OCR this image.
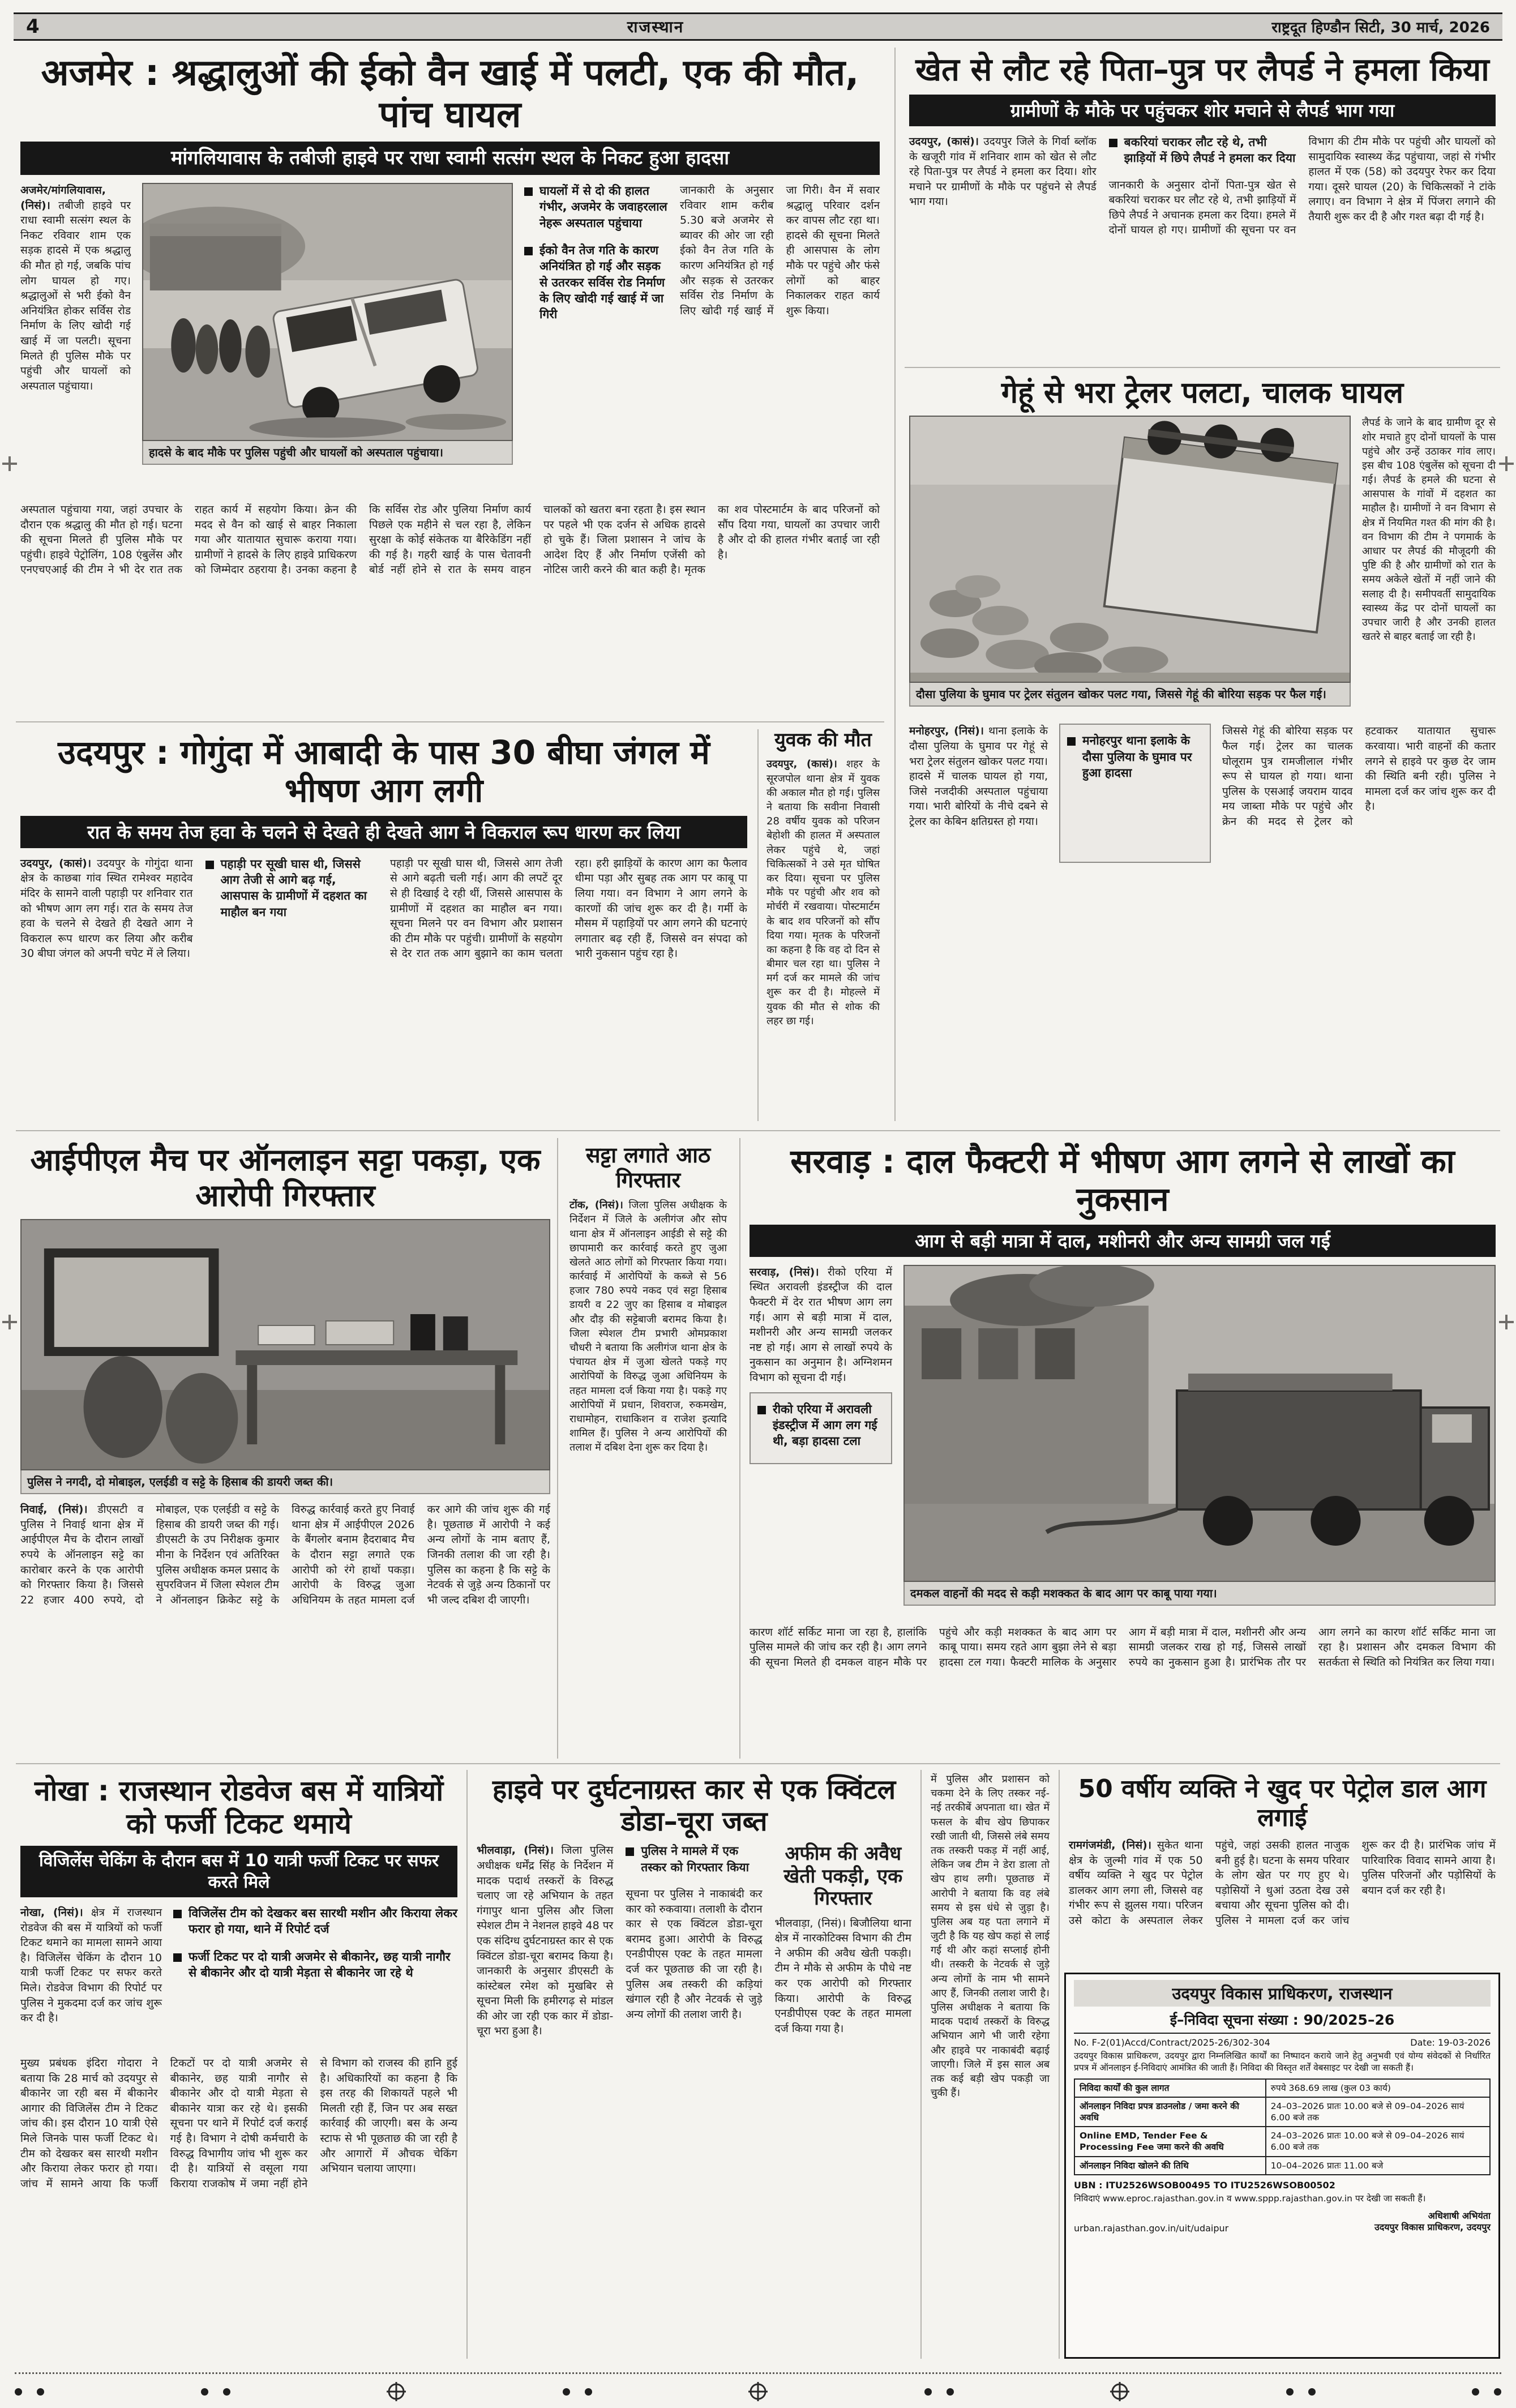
4	राजस्थान	राष्ट्रदूत हिण्डौन सिटी, 30 मार्च, 2026
अजमेर : श्रद्धालुओं की ईको वैन खाई में पलटी, एक की मौत, पांच घायल
मांगलियावास के तबीजी हाइवे पर राधा स्वामी सत्संग स्थल के निकट हुआ हादसा

अजमेर/मांगलियावास, (निसं)। तबीजी हाइवे पर राधा स्वामी सत्संग स्थल के निकट रविवार शाम एक सड़क हादसे में एक श्रद्धालु की मौत हो गई, जबकि पांच लोग घायल हो गए। श्रद्धालुओं से भरी ईको वैन अनियंत्रित होकर सर्विस रोड निर्माण के लिए खोदी गई खाई में जा पलटी। सूचना मिलते ही पुलिस मौके पर पहुंची और घायलों को अस्पताल पहुंचाया।

हादसे के बाद मौके पर पुलिस पहुंची और घायलों को अस्पताल पहुंचाया।
घायलों में से दो की हालत गंभीर, अजमेर के जवाहरलाल नेहरू अस्पताल पहुंचाया
ईको वैन तेज गति के कारण अनियंत्रित हो गई और सड़क से उतरकर सर्विस रोड निर्माण के लिए खोदी गई खाई में जा गिरी
जानकारी के अनुसार रविवार शाम करीब 5.30 बजे अजमेर से ब्यावर की ओर जा रही ईको वैन तेज गति के कारण अनियंत्रित हो गई और सड़क से उतरकर सर्विस रोड निर्माण के लिए खोदी गई खाई में जा गिरी। वैन में सवार श्रद्धालु परिवार दर्शन कर वापस लौट रहा था। हादसे की सूचना मिलते ही आसपास के लोग मौके पर पहुंचे और फंसे लोगों को बाहर निकालकर राहत कार्य शुरू किया।
अस्पताल पहुंचाया गया, जहां उपचार के दौरान एक श्रद्धालु की मौत हो गई। घटना की सूचना मिलते ही पुलिस मौके पर पहुंची। हाइवे पेट्रोलिंग, 108 एंबुलेंस और एनएचएआई की टीम ने भी देर रात तक राहत कार्य में सहयोग किया। क्रेन की मदद से वैन को खाई से बाहर निकाला गया और यातायात सुचारू कराया गया। ग्रामीणों ने हादसे के लिए हाइवे प्राधिकरण को जिम्मेदार ठहराया है। उनका कहना है कि सर्विस रोड और पुलिया निर्माण कार्य पिछले एक महीने से चल रहा है, लेकिन सुरक्षा के कोई संकेतक या बैरिकेडिंग नहीं की गई है। गहरी खाई के पास चेतावनी बोर्ड नहीं होने से रात के समय वाहन चालकों को खतरा बना रहता है। इस स्थान पर पहले भी एक दर्जन से अधिक हादसे हो चुके हैं। जिला प्रशासन ने जांच के आदेश दिए हैं और निर्माण एजेंसी को नोटिस जारी करने की बात कही है। मृतक का शव पोस्टमार्टम के बाद परिजनों को सौंप दिया गया, घायलों का उपचार जारी है और दो की हालत गंभीर बताई जा रही है।
खेत से लौट रहे पिता–पुत्र पर लैपर्ड ने हमला किया
ग्रामीणों के मौके पर पहुंचकर शोर मचाने से लैपर्ड भाग गया

उदयपुर, (कासं)। उदयपुर जिले के गिर्वा ब्लॉक के खजूरी गांव में शनिवार शाम को खेत से लौट रहे पिता-पुत्र पर लैपर्ड ने हमला कर दिया। शोर मचाने पर ग्रामीणों के मौके पर पहुंचने से लैपर्ड भाग गया।

बकरियां चराकर लौट रहे थे, तभी झाड़ियों में छिपे लैपर्ड ने हमला कर दिया

जानकारी के अनुसार दोनों पिता-पुत्र खेत से बकरियां चराकर घर लौट रहे थे, तभी झाड़ियों में छिपे लैपर्ड ने अचानक हमला कर दिया। हमले में दोनों घायल हो गए। ग्रामीणों की सूचना पर वन विभाग की टीम मौके पर पहुंची और घायलों को सामुदायिक स्वास्थ्य केंद्र पहुंचाया, जहां से गंभीर हालत में एक (58) को उदयपुर रेफर कर दिया गया। दूसरे घायल (20) के चिकित्सकों ने टांके लगाए। वन विभाग ने क्षेत्र में पिंजरा लगाने की तैयारी शुरू कर दी है और गश्त बढ़ा दी गई है।

गेहूं से भरा ट्रेलर पलटा, चालक घायल
दौसा पुलिया के घुमाव पर ट्रेलर संतुलन खोकर पलट गया, जिससे गेहूं की बोरिया सड़क पर फैल गई।
लैपर्ड के जाने के बाद ग्रामीण दूर से शोर मचाते हुए दोनों घायलों के पास पहुंचे और उन्हें उठाकर गांव लाए। इस बीच 108 एंबुलेंस को सूचना दी गई। लैपर्ड के हमले की घटना से आसपास के गांवों में दहशत का माहौल है। ग्रामीणों ने वन विभाग से क्षेत्र में नियमित गश्त की मांग की है। वन विभाग की टीम ने पगमार्क के आधार पर लैपर्ड की मौजूदगी की पुष्टि की है और ग्रामीणों को रात के समय अकेले खेतों में नहीं जाने की सलाह दी है। समीपवर्ती सामुदायिक स्वास्थ्य केंद्र पर दोनों घायलों का उपचार जारी है और उनकी हालत खतरे से बाहर बताई जा रही है।

मनोहरपुर, (निसं)। थाना इलाके के दौसा पुलिया के घुमाव पर गेहूं से भरा ट्रेलर संतुलन खोकर पलट गया। हादसे में चालक घायल हो गया, जिसे नजदीकी अस्पताल पहुंचाया गया। भारी बोरियों के नीचे दबने से ट्रेलर का केबिन क्षतिग्रस्त हो गया।

मनोहरपुर थाना इलाके के दौसा पुलिया के घुमाव पर हुआ हादसा
जिससे गेहूं की बोरिया सड़क पर फैल गई। ट्रेलर का चालक घोलूराम पुत्र रामजीलाल गंभीर रूप से घायल हो गया। थाना पुलिस के एसआई जयराम यादव मय जाब्ता मौके पर पहुंचे और क्रेन की मदद से ट्रेलर को हटवाकर यातायात सुचारू करवाया। भारी वाहनों की कतार लगने से हाइवे पर कुछ देर जाम की स्थिति बनी रही। पुलिस ने मामला दर्ज कर जांच शुरू कर दी है।
उदयपुर : गोगुंदा में आबादी के पास 30 बीघा जंगल में भीषण आग लगी
रात के समय तेज हवा के चलने से देखते ही देखते आग ने विकराल रूप धारण कर लिया

उदयपुर, (कासं)। उदयपुर के गोगुंदा थाना क्षेत्र के काछबा गांव स्थित रामेश्वर महादेव मंदिर के सामने वाली पहाड़ी पर शनिवार रात को भीषण आग लग गई। रात के समय तेज हवा के चलने से देखते ही देखते आग ने विकराल रूप धारण कर लिया और करीब 30 बीघा जंगल को अपनी चपेट में ले लिया।

पहाड़ी पर सूखी घास थी, जिससे आग तेजी से आगे बढ़ गई, आसपास के ग्रामीणों में दहशत का माहौल बन गया

पहाड़ी पर सूखी घास थी, जिससे आग तेजी से आगे बढ़ती चली गई। आग की लपटें दूर से ही दिखाई दे रही थीं, जिससे आसपास के ग्रामीणों में दहशत का माहौल बन गया। सूचना मिलने पर वन विभाग और प्रशासन की टीम मौके पर पहुंची। ग्रामीणों के सहयोग से देर रात तक आग बुझाने का काम चलता रहा। हरी झाड़ियों के कारण आग का फैलाव धीमा पड़ा और सुबह तक आग पर काबू पा लिया गया। वन विभाग ने आग लगने के कारणों की जांच शुरू कर दी है। गर्मी के मौसम में पहाड़ियों पर आग लगने की घटनाएं लगातार बढ़ रही हैं, जिससे वन संपदा को भारी नुकसान पहुंच रहा है।

युवक की मौत

उदयपुर, (कासं)। शहर के सूरजपोल थाना क्षेत्र में युवक की अकाल मौत हो गई। पुलिस ने बताया कि सवीना निवासी 28 वर्षीय युवक को परिजन बेहोशी की हालत में अस्पताल लेकर पहुंचे थे, जहां चिकित्सकों ने उसे मृत घोषित कर दिया। सूचना पर पुलिस मौके पर पहुंची और शव को मोर्चरी में रखवाया। पोस्टमार्टम के बाद शव परिजनों को सौंप दिया गया। मृतक के परिजनों का कहना है कि वह दो दिन से बीमार चल रहा था। पुलिस ने मर्ग दर्ज कर मामले की जांच शुरू कर दी है। मोहल्ले में युवक की मौत से शोक की लहर छा गई।

आईपीएल मैच पर ऑनलाइन सट्टा पकड़ा, एक आरोपी गिरफ्तार
पुलिस ने नगदी, दो मोबाइल, एलईडी व सट्टे के हिसाब की डायरी जब्त की।

निवाई, (निसं)। डीएसटी व पुलिस ने निवाई थाना क्षेत्र में आईपीएल मैच के दौरान लाखों रुपये के ऑनलाइन सट्टे का कारोबार करने के एक आरोपी को गिरफ्तार किया है। जिससे 22 हजार 400 रुपये, दो मोबाइल, एक एलईडी व सट्टे के हिसाब की डायरी जब्त की गई। डीएसटी के उप निरीक्षक कुमार मीना के निर्देशन एवं अतिरिक्त पुलिस अधीक्षक कमल प्रसाद के सुपरविजन में जिला स्पेशल टीम ने ऑनलाइन क्रिकेट सट्टे के विरुद्ध कार्रवाई करते हुए निवाई थाना क्षेत्र में आईपीएल 2026 के बैंगलोर बनाम हैदराबाद मैच के दौरान सट्टा लगाते एक आरोपी को रंगे हाथों पकड़ा। आरोपी के विरुद्ध जुआ अधिनियम के तहत मामला दर्ज कर आगे की जांच शुरू की गई है। पूछताछ में आरोपी ने कई अन्य लोगों के नाम बताए हैं, जिनकी तलाश की जा रही है। पुलिस का कहना है कि सट्टे के नेटवर्क से जुड़े अन्य ठिकानों पर भी जल्द दबिश दी जाएगी।

सट्टा लगाते आठ गिरफ्तार

टोंक, (निसं)। जिला पुलिस अधीक्षक के निर्देशन में जिले के अलीगंज और सोप थाना क्षेत्र में ऑनलाइन आईडी से सट्टे की छापामारी कर कार्रवाई करते हुए जुआ खेलते आठ लोगों को गिरफ्तार किया गया। कार्रवाई में आरोपियों के कब्जे से 56 हजार 780 रुपये नकद एवं सट्टा हिसाब डायरी व 22 जुए का हिसाब व मोबाइल और दौड़ की सट्टेबाजी बरामद किया है। जिला स्पेशल टीम प्रभारी ओमप्रकाश चौधरी ने बताया कि अलीगंज थाना क्षेत्र के पंचायत क्षेत्र में जुआ खेलते पकड़े गए आरोपियों के विरुद्ध जुआ अधिनियम के तहत मामला दर्ज किया गया है। पकड़े गए आरोपियों में प्रधान, शिवराज, रुकमखेम, राधामोहन, राधाकिशन व राजेश इत्यादि शामिल हैं। पुलिस ने अन्य आरोपियों की तलाश में दबिश देना शुरू कर दिया है।

सरवाड़ : दाल फैक्टरी में भीषण आग लगने से लाखों का नुकसान
आग से बड़ी मात्रा में दाल, मशीनरी और अन्य सामग्री जल गई

सरवाड़, (निसं)। रीको एरिया में स्थित अरावली इंडस्ट्रीज की दाल फैक्टरी में देर रात भीषण आग लग गई। आग से बड़ी मात्रा में दाल, मशीनरी और अन्य सामग्री जलकर नष्ट हो गई। आग से लाखों रुपये के नुकसान का अनुमान है। अग्निशमन विभाग को सूचना दी गई।

रीको एरिया में अरावली इंडस्ट्रीज में आग लग गई थी, बड़ा हादसा टला
दमकल वाहनों की मदद से कड़ी मशक्कत के बाद आग पर काबू पाया गया।
कारण शॉर्ट सर्किट माना जा रहा है, हालांकि पुलिस मामले की जांच कर रही है। आग लगने की सूचना मिलते ही दमकल वाहन मौके पर पहुंचे और कड़ी मशक्कत के बाद आग पर काबू पाया। समय रहते आग बुझा लेने से बड़ा हादसा टल गया। फैक्टरी मालिक के अनुसार आग में बड़ी मात्रा में दाल, मशीनरी और अन्य सामग्री जलकर राख हो गई, जिससे लाखों रुपये का नुकसान हुआ है। प्रारंभिक तौर पर आग लगने का कारण शॉर्ट सर्किट माना जा रहा है। प्रशासन और दमकल विभाग की सतर्कता से स्थिति को नियंत्रित कर लिया गया।
नोखा : राजस्थान रोडवेज बस में यात्रियों को फर्जी टिकट थमाये
विजिलेंस चेकिंग के दौरान बस में 10 यात्री फर्जी टिकट पर सफर करते मिले

नोखा, (निसं)। क्षेत्र में राजस्थान रोडवेज की बस में यात्रियों को फर्जी टिकट थमाने का मामला सामने आया है। विजिलेंस चेकिंग के दौरान 10 यात्री फर्जी टिकट पर सफर करते मिले। रोडवेज विभाग की रिपोर्ट पर पुलिस ने मुकदमा दर्ज कर जांच शुरू कर दी है।

विजिलेंस टीम को देखकर बस सारथी मशीन और किराया लेकर फरार हो गया, थाने में रिपोर्ट दर्ज
फर्जी टिकट पर दो यात्री अजमेर से बीकानेर, छह यात्री नागौर से बीकानेर और दो यात्री मेड़ता से बीकानेर जा रहे थे
मुख्य प्रबंधक इंदिरा गोदारा ने बताया कि 28 मार्च को उदयपुर से बीकानेर जा रही बस में बीकानेर आगार की विजिलेंस टीम ने टिकट जांच की। इस दौरान 10 यात्री ऐसे मिले जिनके पास फर्जी टिकट थे। टीम को देखकर बस सारथी मशीन और किराया लेकर फरार हो गया। जांच में सामने आया कि फर्जी टिकटों पर दो यात्री अजमेर से बीकानेर, छह यात्री नागौर से बीकानेर और दो यात्री मेड़ता से बीकानेर यात्रा कर रहे थे। इसकी सूचना पर थाने में रिपोर्ट दर्ज कराई गई है। विभाग ने दोषी कर्मचारी के विरुद्ध विभागीय जांच भी शुरू कर दी है। यात्रियों से वसूला गया किराया राजकोष में जमा नहीं होने से विभाग को राजस्व की हानि हुई है। अधिकारियों का कहना है कि इस तरह की शिकायतें पहले भी मिलती रही हैं, जिन पर अब सख्त कार्रवाई की जाएगी। बस के अन्य स्टाफ से भी पूछताछ की जा रही है और आगारों में औचक चेकिंग अभियान चलाया जाएगा।
हाइवे पर दुर्घटनाग्रस्त कार से एक क्विंटल डोडा–चूरा जब्त

भीलवाड़ा, (निसं)। जिला पुलिस अधीक्षक धर्मेंद्र सिंह के निर्देशन में मादक पदार्थ तस्करों के विरुद्ध चलाए जा रहे अभियान के तहत गंगापुर थाना पुलिस और जिला स्पेशल टीम ने नेशनल हाइवे 48 पर एक संदिग्ध दुर्घटनाग्रस्त कार से एक क्विंटल डोडा-चूरा बरामद किया है। जानकारी के अनुसार डीएसटी के कांस्टेबल रमेश को मुखबिर से सूचना मिली कि हमीरगढ़ से मांडल की ओर जा रही एक कार में डोडा-चूरा भरा हुआ है।

पुलिस ने मामले में एक तस्कर को गिरफ्तार किया

सूचना पर पुलिस ने नाकाबंदी कर कार को रुकवाया। तलाशी के दौरान कार से एक क्विंटल डोडा-चूरा बरामद हुआ। आरोपी के विरुद्ध एनडीपीएस एक्ट के तहत मामला दर्ज कर पूछताछ की जा रही है। पुलिस अब तस्करी की कड़ियां खंगाल रही है और नेटवर्क से जुड़े अन्य लोगों की तलाश जारी है।

अफीम की अवैध खेती पकड़ी, एक गिरफ्तार

भीलवाड़ा, (निसं)। बिजौलिया थाना क्षेत्र में नारकोटिक्स विभाग की टीम ने अफीम की अवैध खेती पकड़ी। टीम ने मौके से अफीम के पौधे नष्ट कर एक आरोपी को गिरफ्तार किया। आरोपी के विरुद्ध एनडीपीएस एक्ट के तहत मामला दर्ज किया गया है।

में पुलिस और प्रशासन को चकमा देने के लिए तस्कर नई-नई तरकीबें अपनाता था। खेत में फसल के बीच खेप छिपाकर रखी जाती थी, जिससे लंबे समय तक तस्करी पकड़ में नहीं आई, लेकिन जब टीम ने डेरा डाला तो खेप हाथ लगी। पूछताछ में आरोपी ने बताया कि वह लंबे समय से इस धंधे से जुड़ा है। पुलिस अब यह पता लगाने में जुटी है कि यह खेप कहां से लाई गई थी और कहां सप्लाई होनी थी। तस्करी के नेटवर्क से जुड़े अन्य लोगों के नाम भी सामने आए हैं, जिनकी तलाश जारी है। पुलिस अधीक्षक ने बताया कि मादक पदार्थ तस्करों के विरुद्ध अभियान आगे भी जारी रहेगा और हाइवे पर नाकाबंदी बढ़ाई जाएगी। जिले में इस साल अब तक कई बड़ी खेप पकड़ी जा चुकी हैं।
50 वर्षीय व्यक्ति ने खुद पर पेट्रोल डाल आग लगाई

रामगंजमंडी, (निसं)। सुकेत थाना क्षेत्र के जुल्मी गांव में एक 50 वर्षीय व्यक्ति ने खुद पर पेट्रोल डालकर आग लगा ली, जिससे वह गंभीर रूप से झुलस गया। परिजन उसे कोटा के अस्पताल लेकर पहुंचे, जहां उसकी हालत नाजुक बनी हुई है। घटना के समय परिवार के लोग खेत पर गए हुए थे। पड़ोसियों ने धुआं उठता देख उसे बचाया और सूचना पुलिस को दी। पुलिस ने मामला दर्ज कर जांच शुरू कर दी है। प्रारंभिक जांच में पारिवारिक विवाद सामने आया है। पुलिस परिजनों और पड़ोसियों के बयान दर्ज कर रही है।

उदयपुर विकास प्राधिकरण, राजस्थान
ई–निविदा सूचना संख्या : 90/2025–26
No. F-2(01)Accd/Contract/2025-26/302-304	Date: 19-03-2026
उदयपुर विकास प्राधिकरण, उदयपुर द्वारा निम्नलिखित कार्यों का निष्पादन कराये जाने हेतु अनुभवी एवं योग्य संवेदकों से निर्धारित प्रपत्र में ऑनलाइन ई-निविदाएं आमंत्रित की जाती हैं। निविदा की विस्तृत शर्तें वेबसाइट पर देखी जा सकती हैं।
निविदा कार्यों की कुल लागत	रुपये 368.69 लाख (कुल 03 कार्य)
ऑनलाइन निविदा प्रपत्र डाउनलोड / जमा करने की अवधि	24–03–2026 प्रातः 10.00 बजे से 09–04–2026 सायं 6.00 बजे तक
Online EMD, Tender Fee & Processing Fee जमा करने की अवधि	24–03–2026 प्रातः 10.00 बजे से 09–04–2026 सायं 6.00 बजे तक
ऑनलाइन निविदा खोलने की तिथि	10–04–2026 प्रातः 11.00 बजे
UBN : ITU2526WSOB00495 TO ITU2526WSOB00502
निविदाएं www.eproc.rajasthan.gov.in व www.sppp.rajasthan.gov.in पर देखी जा सकती हैं।
urban.rajasthan.gov.in/uit/udaipur
अधिशाषी अभियंता
उदयपुर विकास प्राधिकरण, उदयपुर
